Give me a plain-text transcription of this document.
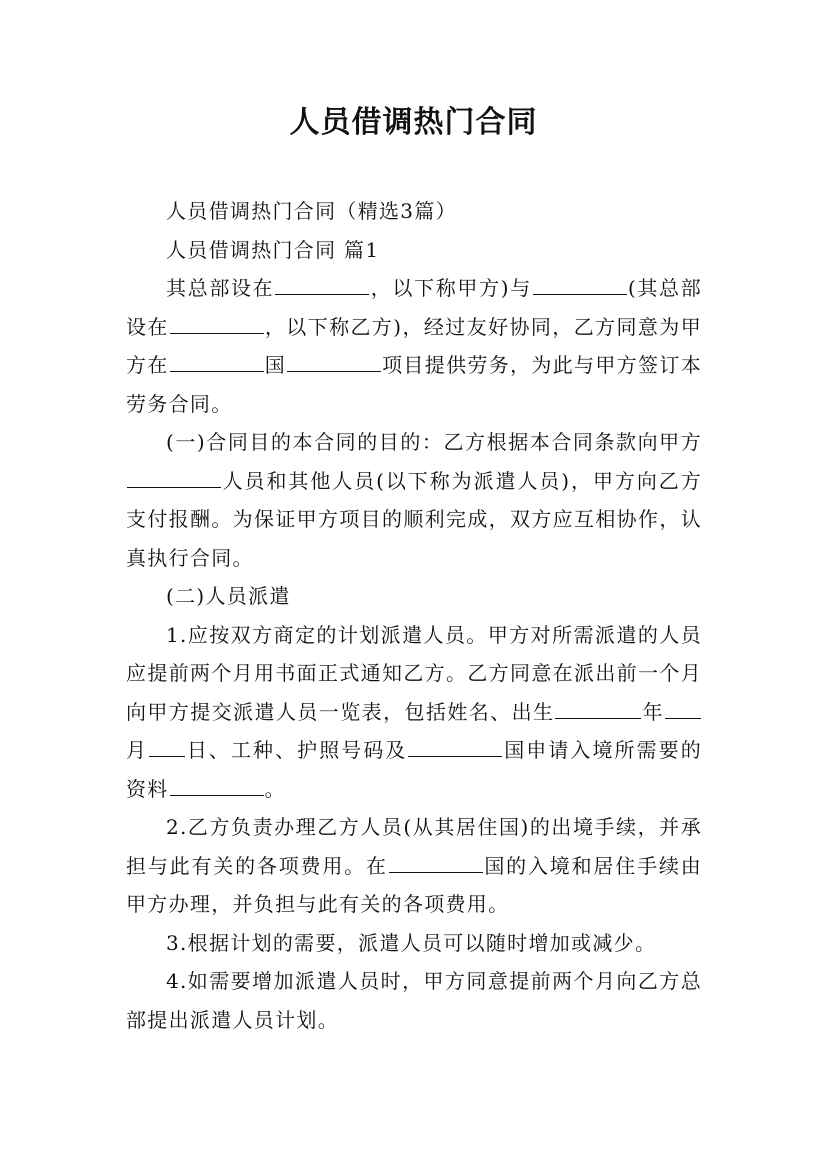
人员借调热门合同

人员借调热门合同（精选3篇）

人员借调热门合同 篇1

其总部设在	，以下称甲方)与	(其总部设在	，以下称乙方)，经过友好协同，乙方同意为甲方在	国	项目提供劳务，为此与甲方签订本劳务合同。

(一)合同目的本合同的目的：乙方根据本合同条款向甲方人员和其他人员(以下称为派遣人员)，甲方向乙方支付报酬。为保证甲方项目的顺利完成，双方应互相协作，认真执行合同。

(二)人员派遣

1.应按双方商定的计划派遣人员。甲方对所需派遣的人员应提前两个月用书面正式通知乙方。乙方同意在派出前一个月向甲方提交派遣人员一览表，包括姓名、出生	年月 日、工种、护照号码及	国申请入境所需要的资料	。

2.乙方负责办理乙方人员(从其居住国)的出境手续，并承担与此有关的各项费用。在	国的入境和居住手续由甲方办理，并负担与此有关的各项费用。

3.根据计划的需要，派遣人员可以随时增加或减少。

4.如需要增加派遣人员时，甲方同意提前两个月向乙方总部提出派遣人员计划。
